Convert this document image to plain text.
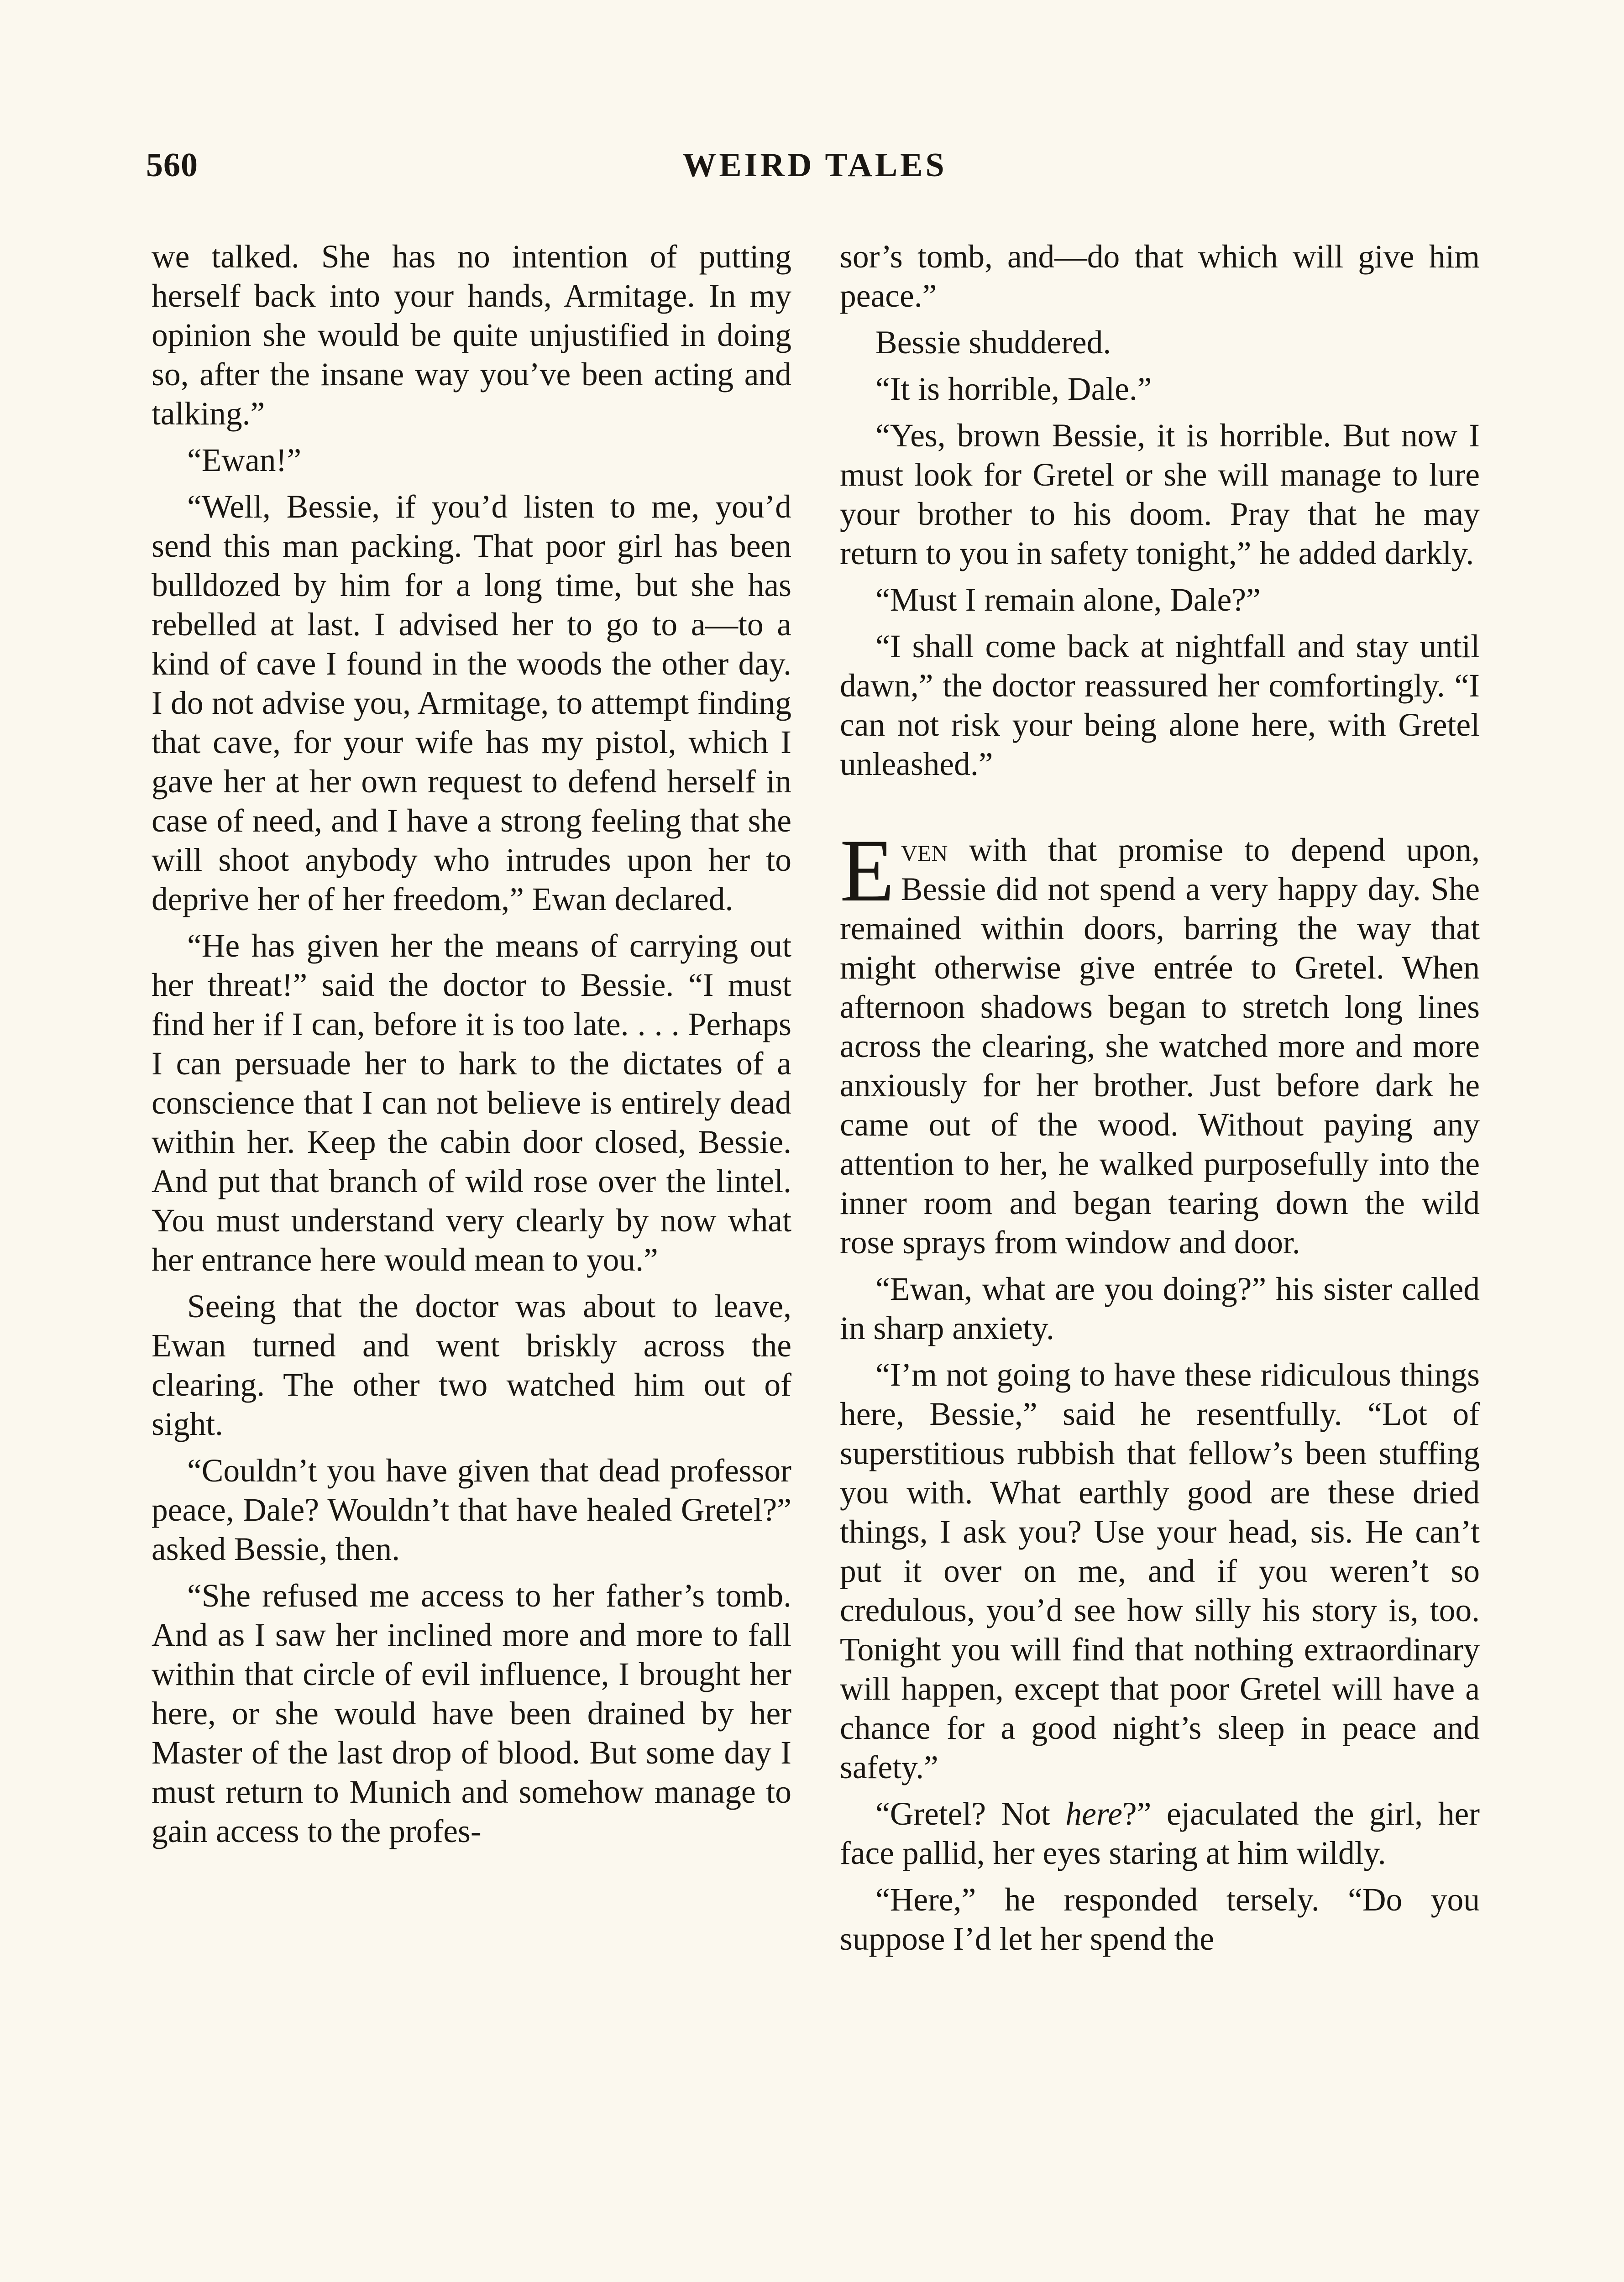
560	WEIRD TALES

we talked. She has no intention of putting herself back into your hands, Armitage. In my opinion she would be quite unjustified in doing so, after the insane way you’ve been acting and talking.”

“Ewan!”

“Well, Bessie, if you’d listen to me, you’d send this man packing. That poor girl has been bulldozed by him for a long time, but she has rebelled at last. I advised her to go to a—to a kind of cave I found in the woods the other day. I do not advise you, Armitage, to attempt finding that cave, for your wife has my pistol, which I gave her at her own request to defend herself in case of need, and I have a strong feeling that she will shoot anybody who intrudes upon her to deprive her of her freedom,” Ewan declared.

“He has given her the means of carrying out her threat!” said the doctor to Bessie. “I must find her if I can, before it is too late. . . . Perhaps I can persuade her to hark to the dictates of a conscience that I can not believe is entirely dead within her. Keep the cabin door closed, Bessie. And put that branch of wild rose over the lintel. You must understand very clearly by now what her entrance here would mean to you.”

Seeing that the doctor was about to leave, Ewan turned and went briskly across the clearing. The other two watched him out of sight.

“Couldn’t you have given that dead professor peace, Dale? Wouldn’t that have healed Gretel?” asked Bessie, then.

“She refused me access to her father’s tomb. And as I saw her inclined more and more to fall within that circle of evil influence, I brought her here, or she would have been drained by her Master of the last drop of blood. But some day I must return to Munich and somehow manage to gain access to the profes-

sor’s tomb, and—do that which will give him peace.”

Bessie shuddered.

“It is horrible, Dale.”

“Yes, brown Bessie, it is horrible. But now I must look for Gretel or she will manage to lure your brother to his doom. Pray that he may return to you in safety tonight,” he added darkly.

“Must I remain alone, Dale?”

“I shall come back at nightfall and stay until dawn,” the doctor reassured her comfortingly. “I can not risk your being alone here, with Gretel unleashed.”

Even with that promise to depend upon, Bessie did not spend a very happy day. She remained within doors, barring the way that might otherwise give entrée to Gretel. When afternoon shadows began to stretch long lines across the clearing, she watched more and more anxiously for her brother. Just before dark he came out of the wood. Without paying any attention to her, he walked purposefully into the inner room and began tearing down the wild rose sprays from window and door.

“Ewan, what are you doing?” his sister called in sharp anxiety.

“I’m not going to have these ridiculous things here, Bessie,” said he resentfully. “Lot of superstitious rubbish that fellow’s been stuffing you with. What earthly good are these dried things, I ask you? Use your head, sis. He can’t put it over on me, and if you weren’t so credulous, you’d see how silly his story is, too. Tonight you will find that nothing extraordinary will happen, except that poor Gretel will have a chance for a good night’s sleep in peace and safety.”

“Gretel? Not here?” ejaculated the girl, her face pallid, her eyes staring at him wildly.

“Here,” he responded tersely. “Do you suppose I’d let her spend the
